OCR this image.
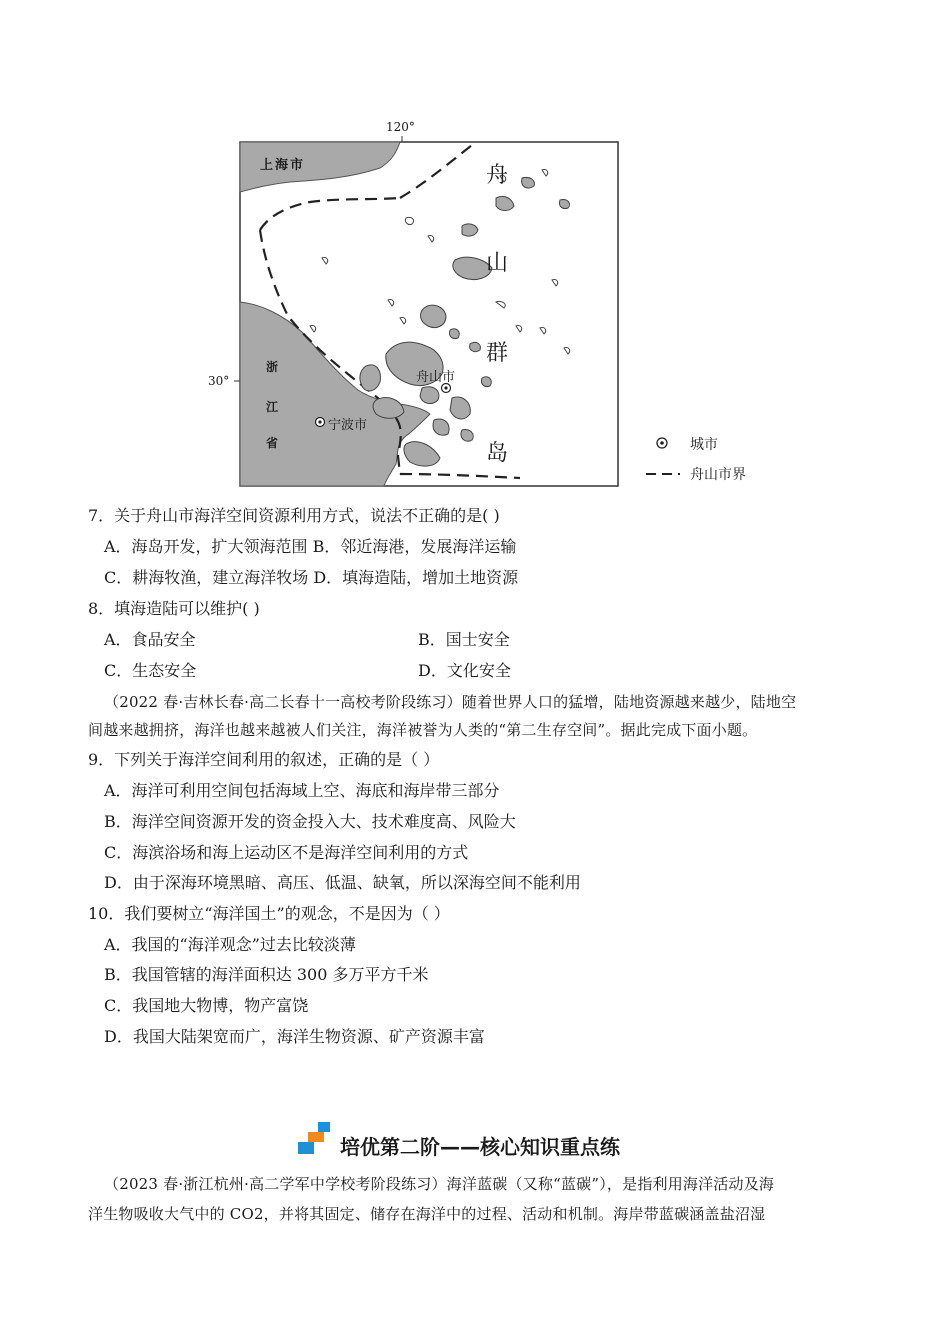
120°
30°
上海市
浙
江
省
宁波市
舟山市
舟
山
群
岛	城市
舟山市界
7．关于舟山市海洋空间资源利用方式，说法不正确的是( )
A．海岛开发，扩大领海范围 B．邻近海港，发展海洋运输
C．耕海牧渔，建立海洋牧场 D．填海造陆，增加土地资源
8．填海造陆可以维护( )
A．食品安全	B．国士安全
C．生态安全	D．文化安全
（2022 春·吉林长春·高二长春十一高校考阶段练习）随着世界人口的猛增，陆地资源越来越少，陆地空
间越来越拥挤，海洋也越来越被人们关注，海洋被誉为人类的“第二生存空间”。据此完成下面小题。
9．下列关于海洋空间利用的叙述，正确的是（ ）
A．海洋可利用空间包括海域上空、海底和海岸带三部分
B．海洋空间资源开发的资金投入大、技术难度高、风险大
C．海滨浴场和海上运动区不是海洋空间利用的方式
D．由于深海环境黑暗、高压、低温、缺氧，所以深海空间不能利用
10．我们要树立“海洋国土”的观念，不是因为（ ）
A．我国的“海洋观念”过去比较淡薄
B．我国管辖的海洋面积达 300 多万平方千米
C．我国地大物博，物产富饶
D．我国大陆架宽而广，海洋生物资源、矿产资源丰富
培优第二阶——核心知识重点练
（2023 春·浙江杭州·高二学军中学校考阶段练习）海洋蓝碳（又称“蓝碳”），是指利用海洋活动及海
洋生物吸收大气中的 CO2，并将其固定、储存在海洋中的过程、活动和机制。海岸带蓝碳涵盖盐沼湿
